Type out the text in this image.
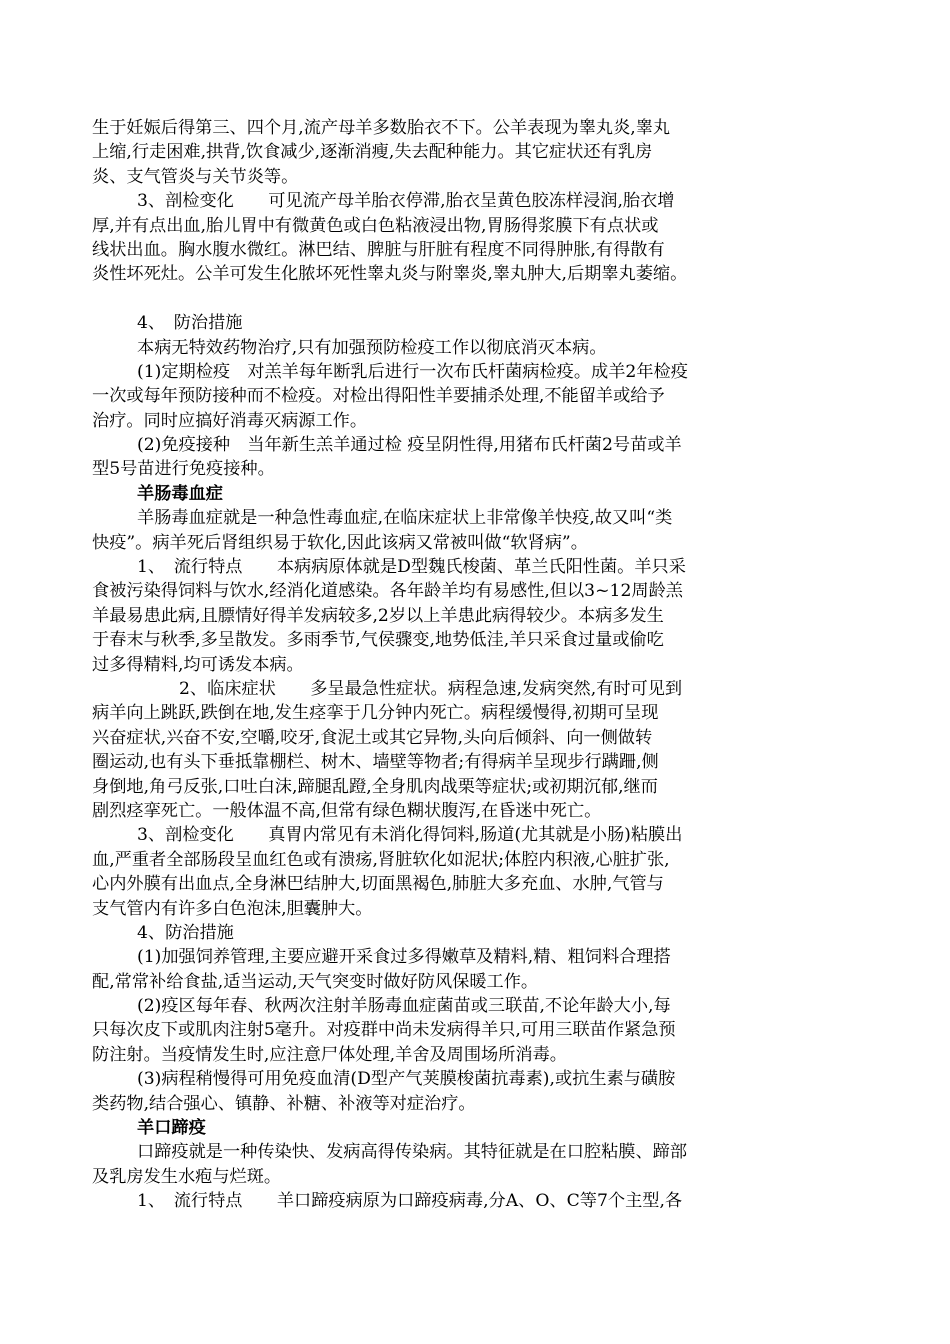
生于妊娠后得第三、四个月,流产母羊多数胎衣不下。公羊表现为睾丸炎,睾丸
上缩,行走困难,拱背,饮食减少,逐渐消瘦,失去配种能力。其它症状还有乳房
炎、支气管炎与关节炎等。
3、剖检变化　　可见流产母羊胎衣停滞,胎衣呈黄色胶冻样浸润,胎衣增
厚,并有点出血,胎儿胃中有微黄色或白色粘液浸出物,胃肠得浆膜下有点状或
线状出血。胸水腹水微红。淋巴结、脾脏与肝脏有程度不同得肿胀,有得散有
炎性坏死灶。公羊可发生化脓坏死性睾丸炎与附睾炎,睾丸肿大,后期睾丸萎缩。
4、　防治措施
本病无特效药物治疗,只有加强预防检疫工作以彻底消灭本病。
(1)定期检疫　对羔羊每年断乳后进行一次布氏杆菌病检疫。成羊2年检疫
一次或每年预防接种而不检疫。对检出得阳性羊要捕杀处理,不能留羊或给予
治疗。同时应搞好消毒灭病源工作。
(2)免疫接种　当年新生羔羊通过检 疫呈阴性得,用猪布氏杆菌2号苗或羊
型5号苗进行免疫接种。
羊肠毒血症
羊肠毒血症就是一种急性毒血症,在临床症状上非常像羊快疫,故又叫“类
快疫”。病羊死后肾组织易于软化,因此该病又常被叫做“软肾病”。
1、　流行特点　　本病病原体就是D型魏氏梭菌、革兰氏阳性菌。羊只采
食被污染得饲料与饮水,经消化道感染。各年龄羊均有易感性,但以3~12周龄羔
羊最易患此病,且膘情好得羊发病较多,2岁以上羊患此病得较少。本病多发生
于春末与秋季,多呈散发。多雨季节,气侯骤变,地势低洼,羊只采食过量或偷吃
过多得精料,均可诱发本病。
2、临床症状　　多呈最急性症状。病程急速,发病突然,有时可见到
病羊向上跳跃,跌倒在地,发生痉挛于几分钟内死亡。病程缓慢得,初期可呈现
兴奋症状,兴奋不安,空嚼,咬牙,食泥土或其它异物,头向后倾斜、向一侧做转
圈运动,也有头下垂抵靠棚栏、树木、墙壁等物者;有得病羊呈现步行蹒跚,侧
身倒地,角弓反张,口吐白沫,蹄腿乱蹬,全身肌肉战栗等症状;或初期沉郁,继而
剧烈痉挛死亡。一般体温不高,但常有绿色糊状腹泻,在昏迷中死亡。
3、剖检变化　　真胃内常见有未消化得饲料,肠道(尤其就是小肠)粘膜出
血,严重者全部肠段呈血红色或有溃疡,肾脏软化如泥状;体腔内积液,心脏扩张,
心内外膜有出血点,全身淋巴结肿大,切面黑褐色,肺脏大多充血、水肿,气管与
支气管内有许多白色泡沫,胆囊肿大。
4、防治措施
(1)加强饲养管理,主要应避开采食过多得嫩草及精料,精、粗饲料合理搭
配,常常补给食盐,适当运动,天气突变时做好防风保暖工作。
(2)疫区每年春、秋两次注射羊肠毒血症菌苗或三联苗,不论年龄大小,每
只每次皮下或肌肉注射5毫升。对疫群中尚未发病得羊只,可用三联苗作紧急预
防注射。当疫情发生时,应注意尸体处理,羊舍及周围场所消毒。
(3)病程稍慢得可用免疫血清(D型产气荚膜梭菌抗毒素),或抗生素与磺胺
类药物,结合强心、镇静、补糖、补液等对症治疗。
羊口蹄疫
口蹄疫就是一种传染快、发病高得传染病。其特征就是在口腔粘膜、蹄部
及乳房发生水疱与烂斑。
1、　流行特点　　羊口蹄疫病原为口蹄疫病毒,分A、O、C等7个主型,各
